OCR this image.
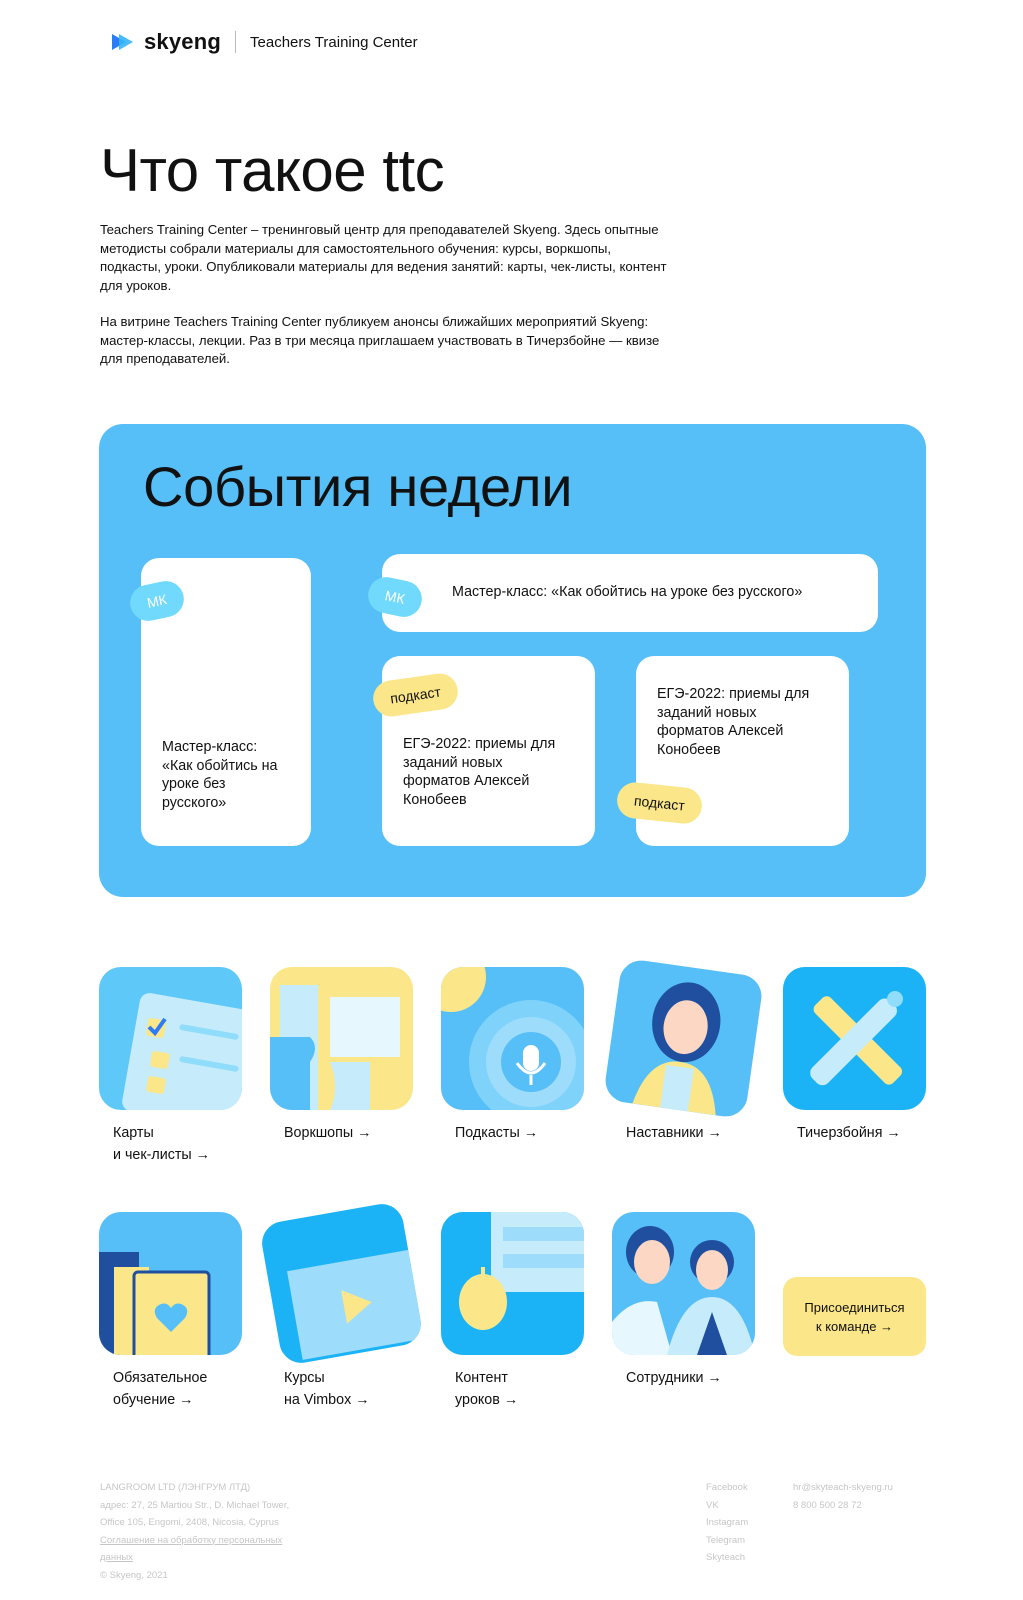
skyeng Teachers Training Center
Что такое ttc

Teachers Training Center – тренинговый центр для преподавателей Skyeng. Здесь опытные методисты собрали материалы для самостоятельного обучения: курсы, воркшопы, подкасты, уроки. Опубликовали материалы для ведения занятий: карты, чек-листы, контент для уроков.

На витрине Teachers Training Center публикуем анонсы ближайших мероприятий Skyeng: мастер-классы, лекции. Раз в три месяца приглашаем участвовать в Тичерзбойне — квизе для преподавателей.

События недели
Мастер-класс: «Как обойтись на уроке без русского»
МК	Мастер-класс: «Как обойтись на уроке без русского»
МК
ЕГЭ-2022: приемы для заданий новых форматов Алексей Конобеев
подкаст	ЕГЭ-2022: приемы для заданий новых форматов Алексей Конобеев
подкаст
Карты
и чек-листы →
Воркшопы →	Подкасты →	Наставники →	Тичерзбойня →
Обязательное
обучение →
Курсы
на Vimbox →
Контент
уроков →
Сотрудники →
Присоединиться
к команде →
LANGROOM LTD (ЛЭНГРУМ ЛТД)
адрес: 27, 25 Martiou Str., D. Michael Tower,
Office 105, Engomi, 2408, Nicosia, Cyprus
Соглашение на обработку персональных
данных
© Skyeng, 2021
Facebook
VK
Instagram
Telegram
Skyteach
hr@skyteach-skyeng.ru
8 800 500 28 72
